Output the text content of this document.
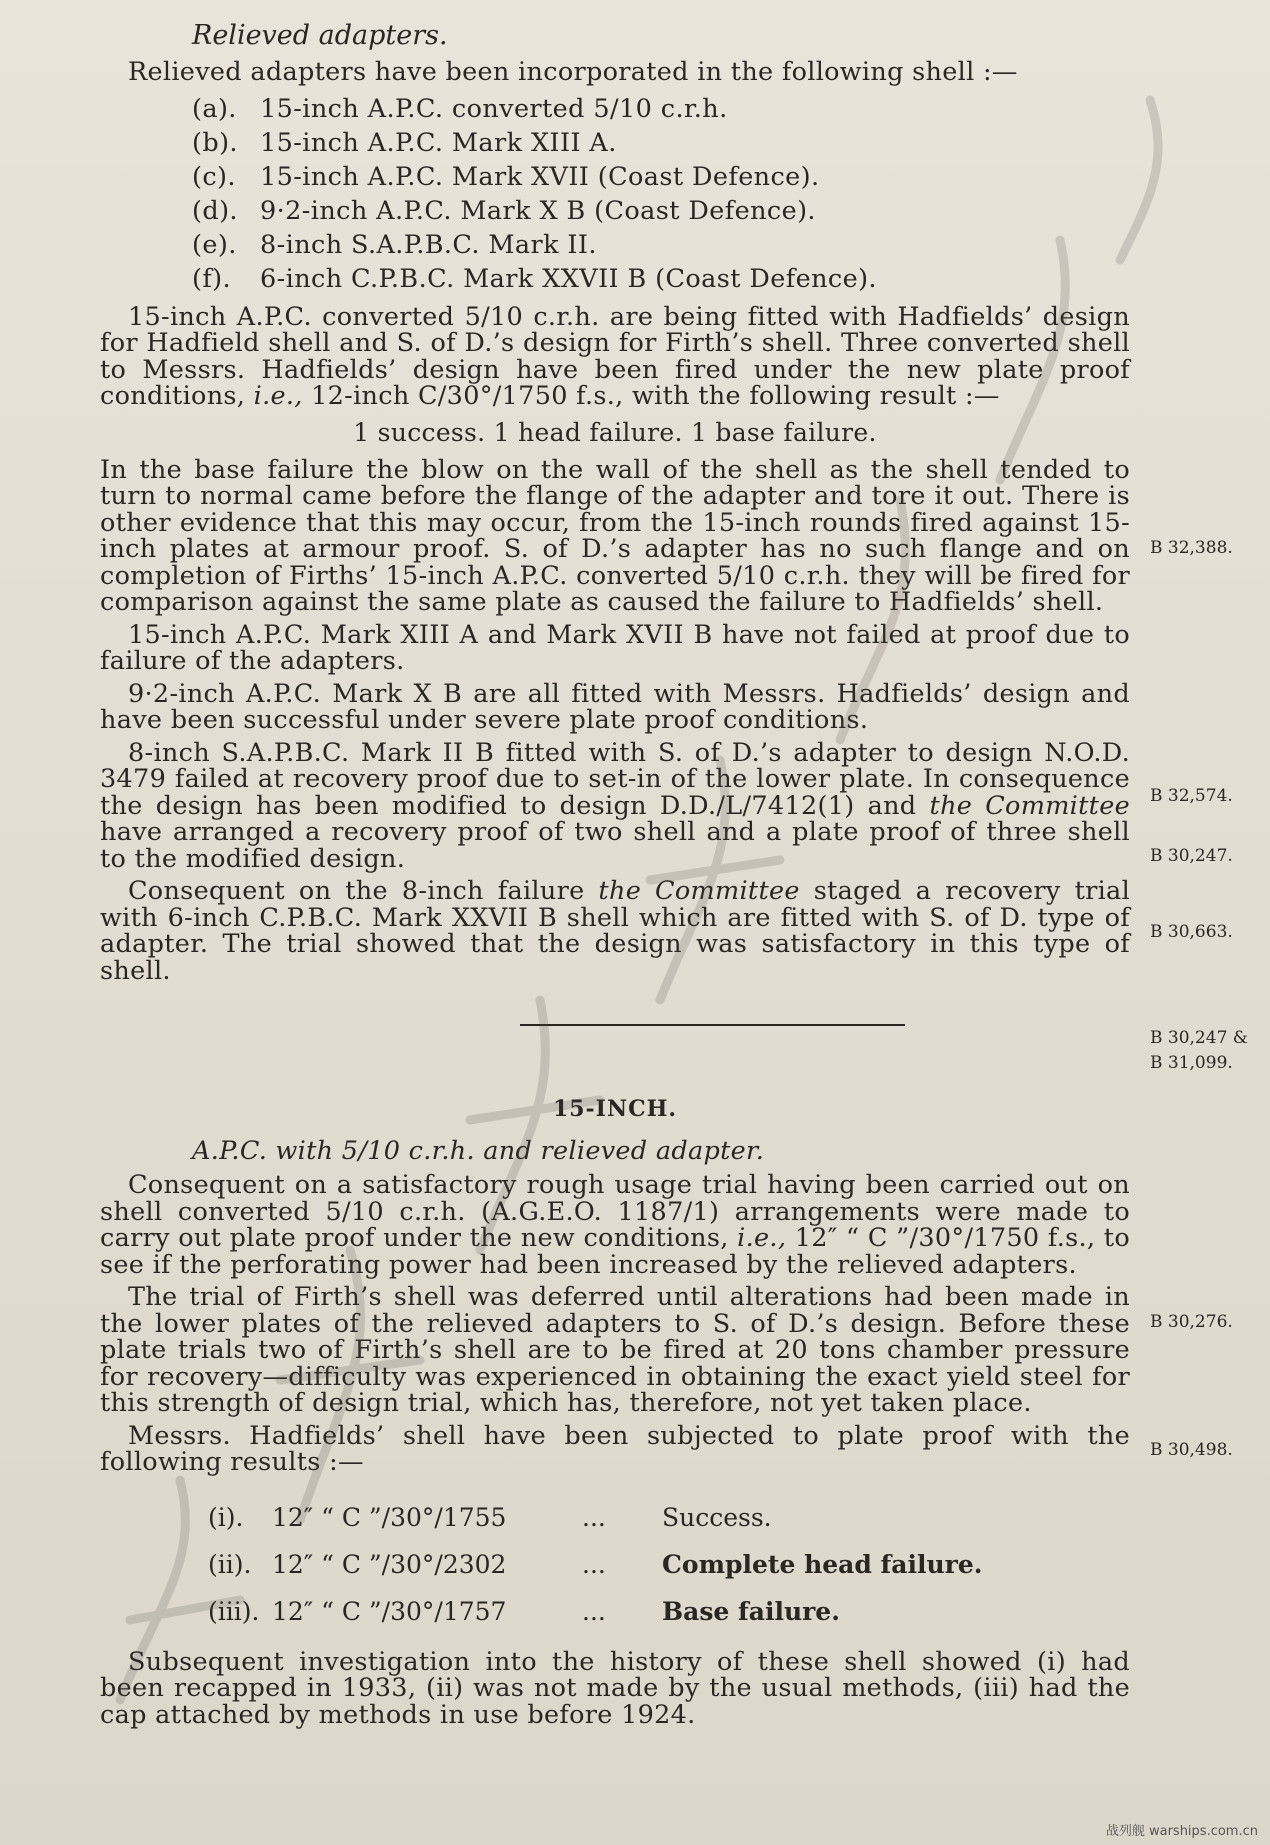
Relieved adapters.

Relieved adapters have been incorporated in the following shell :—

(a). 15-inch A.P.C. converted 5/10 c.r.h.
(b). 15-inch A.P.C. Mark XIII A.
(c). 15-inch A.P.C. Mark XVII (Coast Defence).
(d). 9·2-inch A.P.C. Mark X B (Coast Defence).
(e). 8-inch S.A.P.B.C. Mark II.
(f).	6-inch C.P.B.C. Mark XXVII B (Coast Defence).

15-inch A.P.C. converted 5/10 c.r.h. are being fitted with Hadfields’ design for Hadfield shell and S. of D.’s design for Firth’s shell. Three converted shell to Messrs. Hadfields’ design have been fired under the new plate proof conditions, i.e., 12-inch C/30°/1750 f.s., with the following result :—

1 success. 1 head failure. 1 base failure.

In the base failure the blow on the wall of the shell as the shell tended to turn to normal came before the flange of the adapter and tore it out. There is other evidence that this may occur, from the 15-inch rounds fired against 15-inch plates at armour proof. S. of D.’s adapter has no such flange and on completion of Firths’ 15-inch A.P.C. converted 5/10 c.r.h. they will be fired for comparison against the same plate as caused the failure to Hadfields’ shell.

15-inch A.P.C. Mark XIII A and Mark XVII B have not failed at proof due to failure of the adapters.

9·2-inch A.P.C. Mark X B are all fitted with Messrs. Hadfields’ design and have been successful under severe plate proof conditions.

8-inch S.A.P.B.C. Mark II B fitted with S. of D.’s adapter to design N.O.D. 3479 failed at recovery proof due to set-in of the lower plate. In consequence the design has been modified to design D.D./L/7412(1) and the Committee have arranged a recovery proof of two shell and a plate proof of three shell to the modified design.

Consequent on the 8-inch failure the Committee staged a recovery trial with 6-inch C.P.B.C. Mark XXVII B shell which are fitted with S. of D. type of adapter. The trial showed that the design was satisfactory in this type of shell.

15-INCH.
A.P.C. with 5/10 c.r.h. and relieved adapter.

Consequent on a satisfactory rough usage trial having been carried out on shell converted 5/10 c.r.h. (A.G.E.O. 1187/1) arrangements were made to carry out plate proof under the new conditions, i.e., 12″ “ C ”/30°/1750 f.s., to see if the perforating power had been increased by the relieved adapters.

The trial of Firth’s shell was deferred until alterations had been made in the lower plates of the relieved adapters to S. of D.’s design. Before these plate trials two of Firth’s shell are to be fired at 20 tons chamber pressure for recovery—difficulty was experienced in obtaining the exact yield steel for this strength of design trial, which has, therefore, not yet taken place.

Messrs. Hadfields’ shell have been subjected to plate proof with the following results :—

(i).	12″ “ C ”/30°/1755	...	Success.
(ii). 12″ “ C ”/30°/2302	...	Complete head failure.
(iii). 12″ “ C ”/30°/1757	...	Base failure.

Subsequent investigation into the history of these shell showed (i) had been recapped in 1933, (ii) was not made by the usual methods, (iii) had the cap attached by methods in use before 1924.

B 32,388.
B 32,574.
B 30,247.
B 30,663.
B 30,247 &
B 31,099.
B 30,276.
B 30,498.
战列舰 warships.com.cn
